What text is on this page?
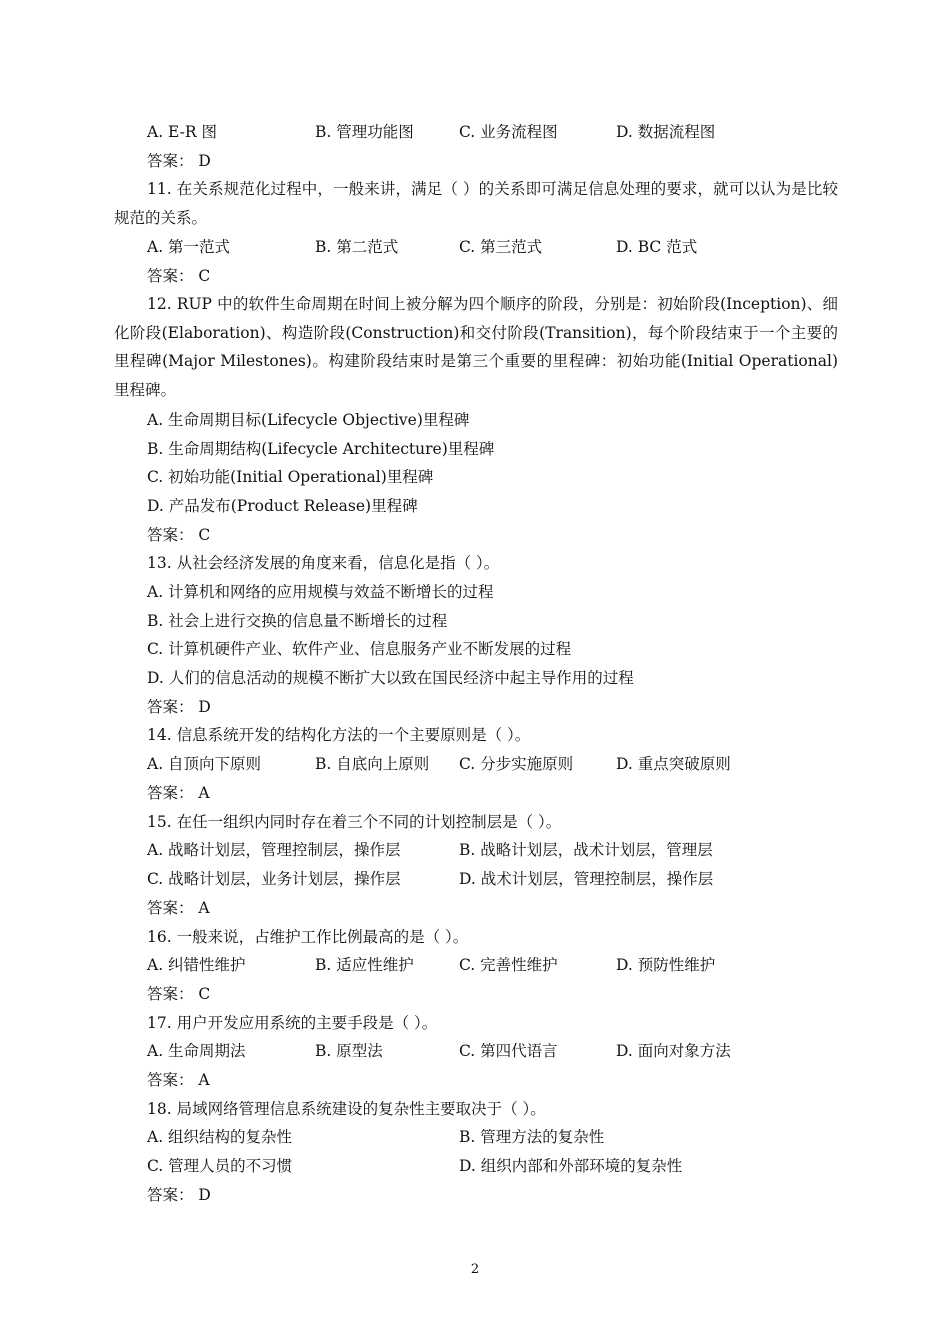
A. E-R 图	B. 管理功能图	C. 业务流程图	D. 数据流程图
答案： D
11. 在关系规范化过程中，一般来讲，满足（ ）的关系即可满足信息处理的要求，就可以认为是比较规范的关系。
A. 第一范式	B. 第二范式	C. 第三范式	D. BC 范式
答案： C
12. RUP 中的软件生命周期在时间上被分解为四个顺序的阶段，分别是：初始阶段(Inception)、细化阶段(Elaboration)、构造阶段(Construction)和交付阶段(Transition)，每个阶段结束于一个主要的里程碑(Major Milestones)。构建阶段结束时是第三个重要的里程碑：初始功能(Initial Operational)里程碑。
A. 生命周期目标(Lifecycle Objective)里程碑
B. 生命周期结构(Lifecycle Architecture)里程碑
C. 初始功能(Initial Operational)里程碑
D. 产品发布(Product Release)里程碑
答案： C
13. 从社会经济发展的角度来看，信息化是指（ ）。
A. 计算机和网络的应用规模与效益不断增长的过程
B. 社会上进行交换的信息量不断增长的过程
C. 计算机硬件产业、软件产业、信息服务产业不断发展的过程
D. 人们的信息活动的规模不断扩大以致在国民经济中起主导作用的过程
答案： D
14. 信息系统开发的结构化方法的一个主要原则是（ ）。
A. 自顶向下原则	B. 自底向上原则 C. 分步实施原则	D. 重点突破原则
答案： A
15. 在任一组织内同时存在着三个不同的计划控制层是（ ）。
A. 战略计划层，管理控制层，操作层	B. 战略计划层，战术计划层，管理层
C. 战略计划层，业务计划层，操作层	D. 战术计划层，管理控制层，操作层
答案： A
16. 一般来说，占维护工作比例最高的是（ ）。
A. 纠错性维护	B. 适应性维护	C. 完善性维护	D. 预防性维护
答案： C
17. 用户开发应用系统的主要手段是（ ）。
A. 生命周期法	B. 原型法	C. 第四代语言	D. 面向对象方法
答案： A
18. 局域网络管理信息系统建设的复杂性主要取决于（ ）。
A. 组织结构的复杂性	B. 管理方法的复杂性
C. 管理人员的不习惯	D. 组织内部和外部环境的复杂性
答案： D
2
